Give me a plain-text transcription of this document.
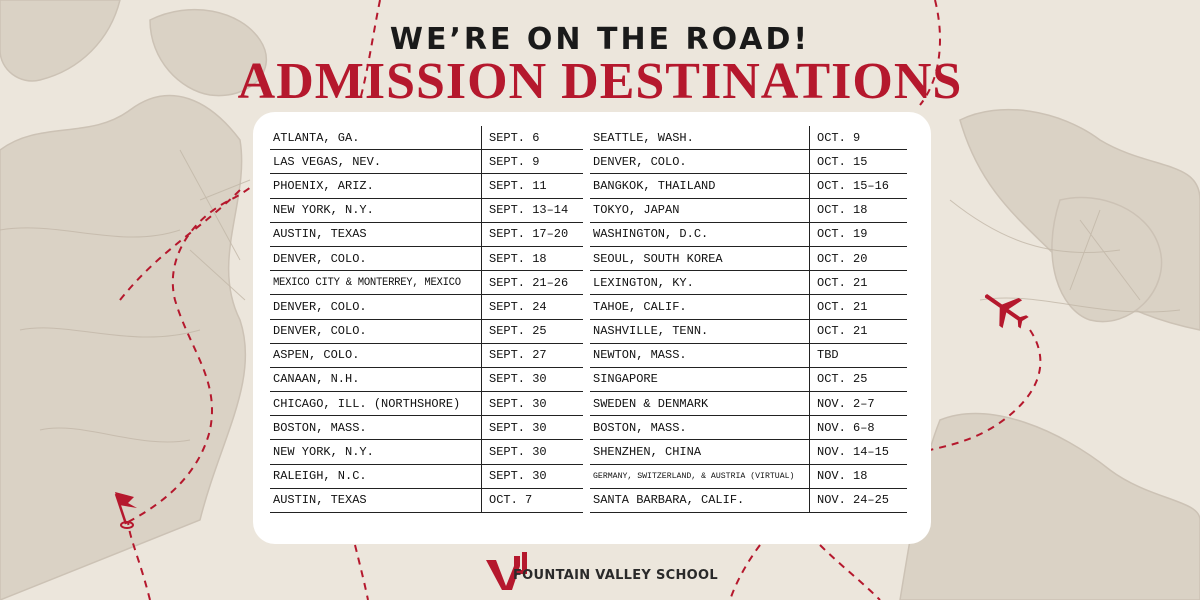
WE’RE ON THE ROAD!
ADMISSION DESTINATIONS
ATLANTA, GA.	SEPT. 6
LAS VEGAS, NEV.	SEPT. 9
PHOENIX, ARIZ.	SEPT. 11
NEW YORK, N.Y.	SEPT. 13–14
AUSTIN, TEXAS	SEPT. 17–20
DENVER, COLO.	SEPT. 18
MEXICO CITY & MONTERREY, MEXICO	SEPT. 21–26
DENVER, COLO.	SEPT. 24
DENVER, COLO.	SEPT. 25
ASPEN, COLO.	SEPT. 27
CANAAN, N.H.	SEPT. 30
CHICAGO, ILL. (NORTHSHORE)	SEPT. 30
BOSTON, MASS.	SEPT. 30
NEW YORK, N.Y.	SEPT. 30
RALEIGH, N.C.	SEPT. 30
AUSTIN, TEXAS	OCT. 7
SEATTLE, WASH.	OCT. 9
DENVER, COLO.	OCT. 15
BANGKOK, THAILAND	OCT. 15–16
TOKYO, JAPAN	OCT. 18
WASHINGTON, D.C.	OCT. 19
SEOUL, SOUTH KOREA	OCT. 20
LEXINGTON, KY.	OCT. 21
TAHOE, CALIF.	OCT. 21
NASHVILLE, TENN.	OCT. 21
NEWTON, MASS.	TBD
SINGAPORE	OCT. 25
SWEDEN & DENMARK	NOV. 2–7
BOSTON, MASS.	NOV. 6–8
SHENZHEN, CHINA	NOV. 14–15
GERMANY, SWITZERLAND, & AUSTRIA (VIRTUAL)	NOV. 18
SANTA BARBARA, CALIF.	NOV. 24–25
FOUNTAIN VALLEY SCHOOL
